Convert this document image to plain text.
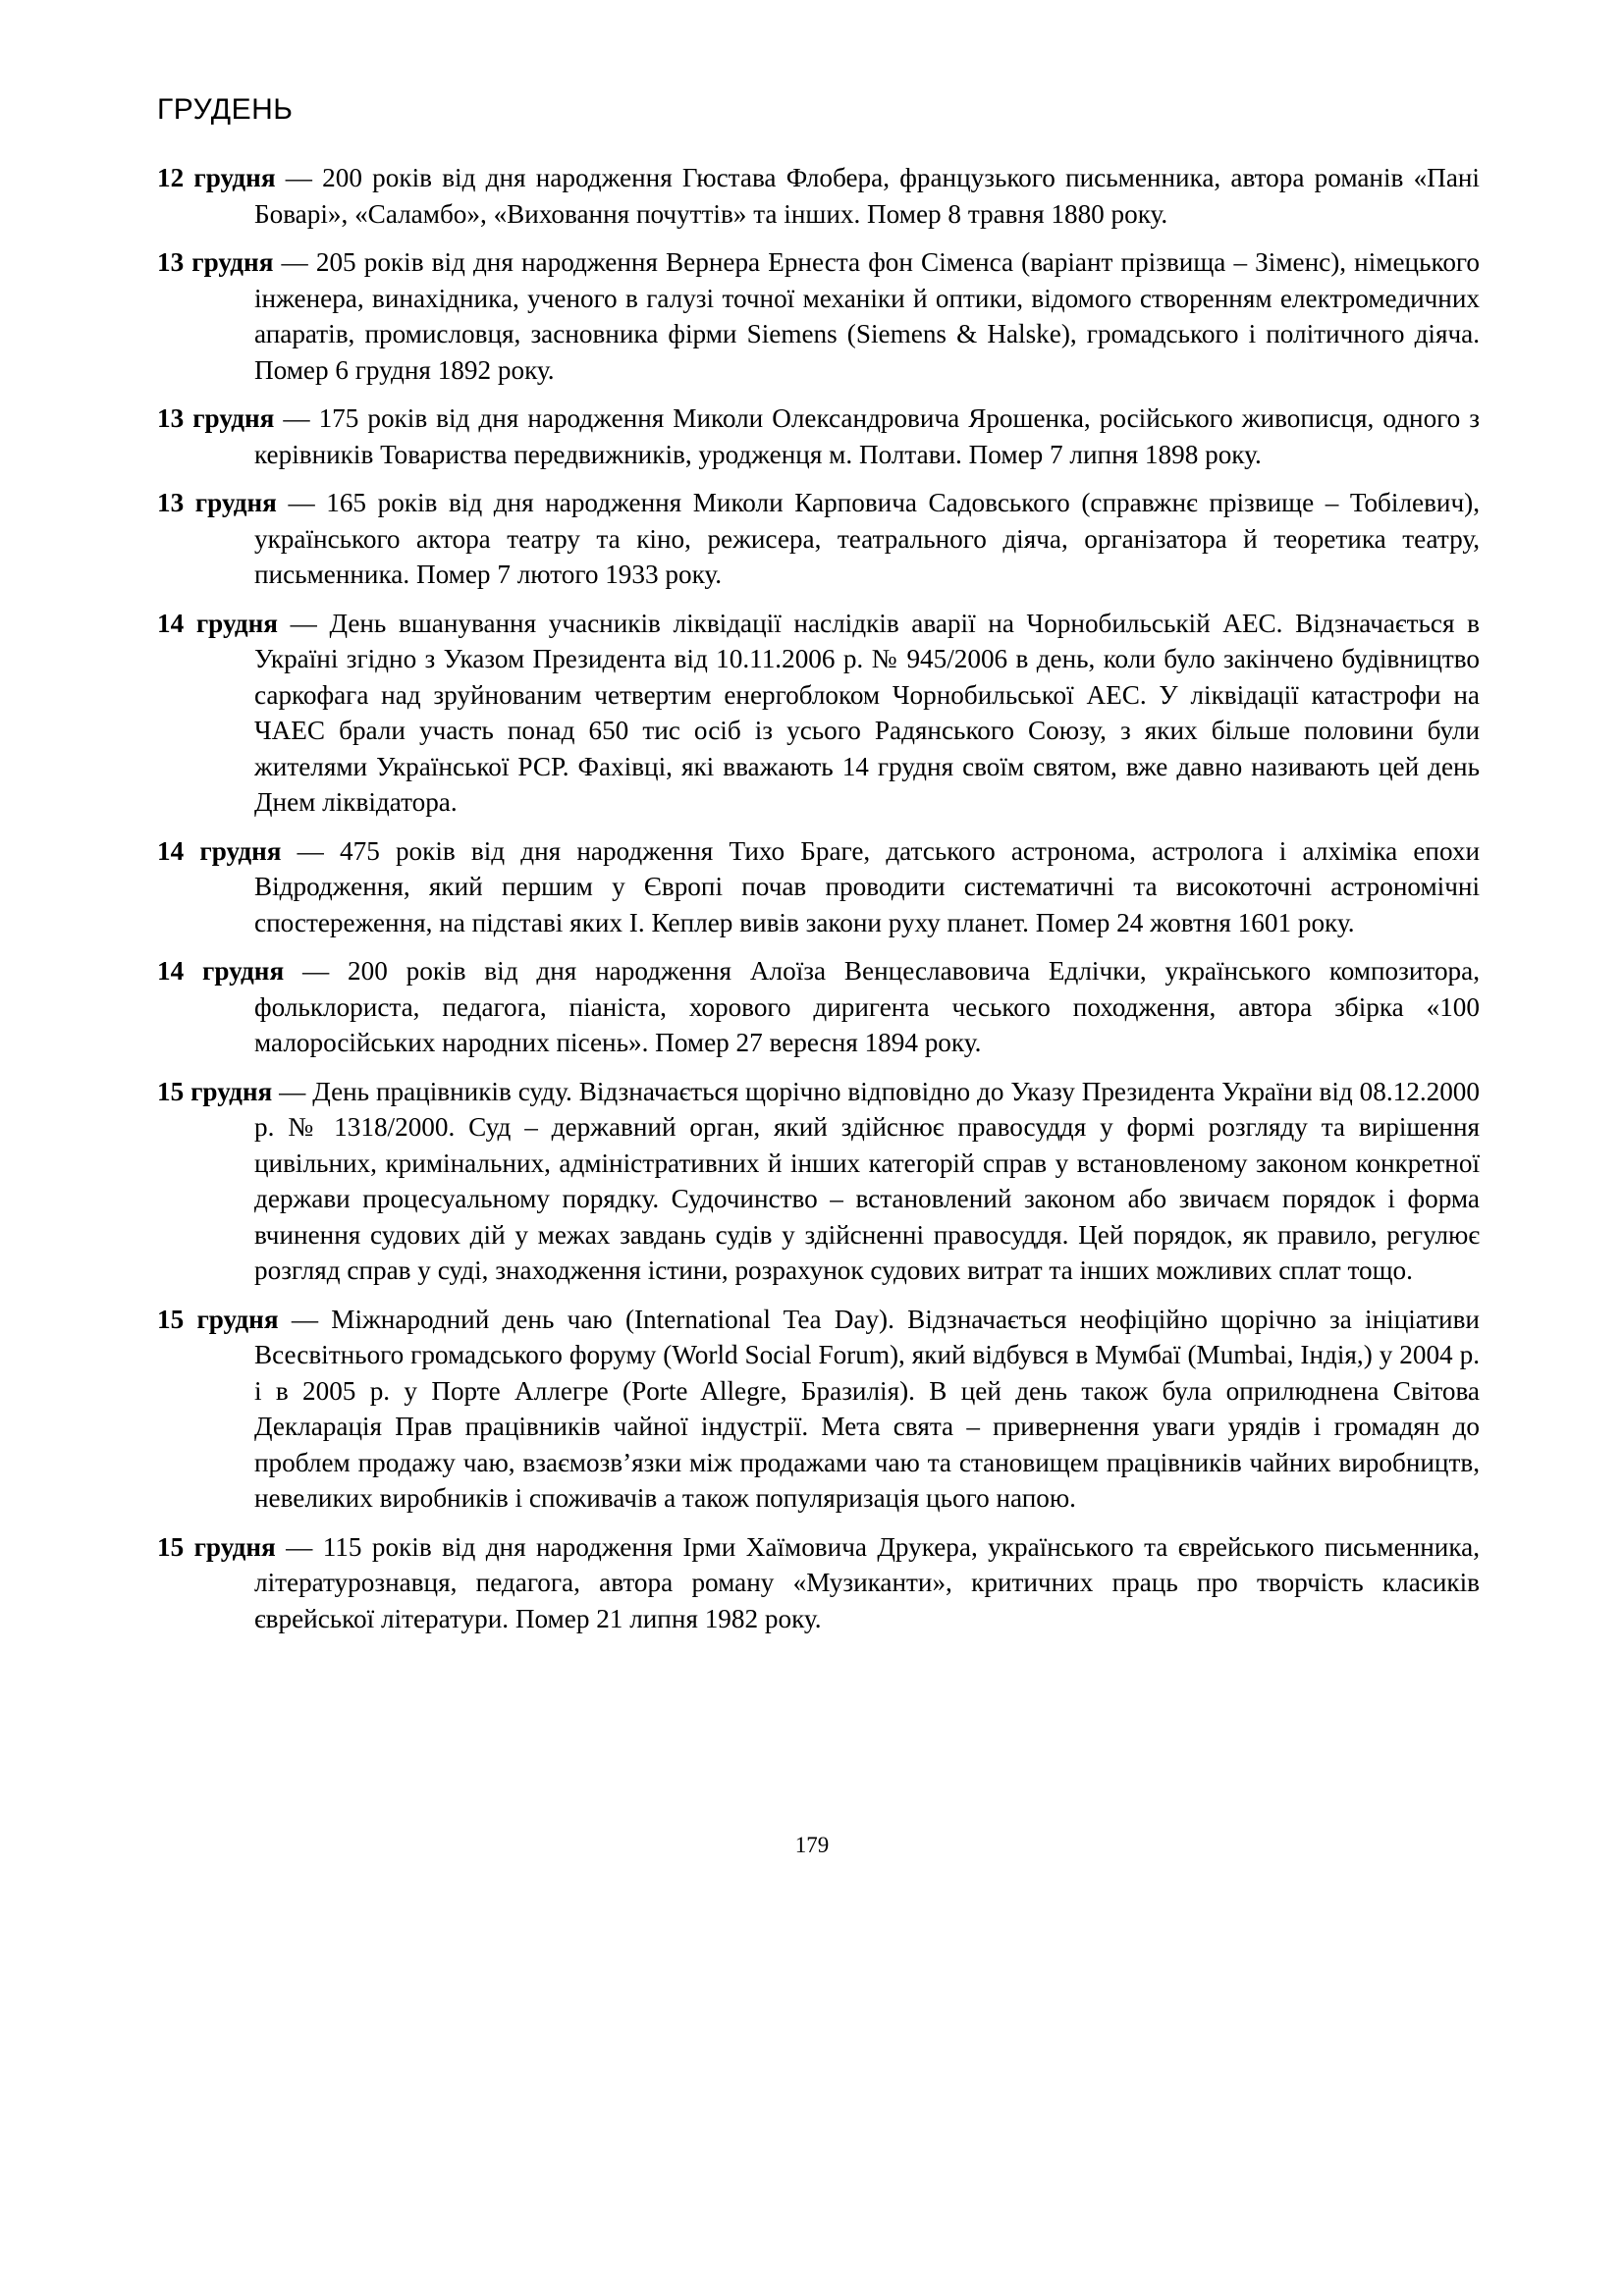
ГРУДЕНЬ
12 грудня — 200 років від дня народження Гюстава Флобера, французького письменника, автора романів «Пані Боварі», «Саламбо», «Виховання почуттів» та інших. Помер 8 травня 1880 року.
13 грудня — 205 років від дня народження Вернера Ернеста фон Сіменса (варіант прізвища – Зіменс), німецького інженера, винахідника, ученого в галузі точної механіки й оптики, відомого створенням електромедичних апаратів, промисловця, засновника фірми Siemens (Siemens & Halske), громадського і політичного діяча. Помер 6 грудня 1892 року.
13 грудня — 175 років від дня народження Миколи Олександровича Ярошенка, російського живописця, одного з керівників Товариства передвижників, уродженця м. Полтави. Помер 7 липня 1898 року.
13 грудня — 165 років від дня народження Миколи Карповича Садовського (справжнє прізвище – Тобілевич), українського актора театру та кіно, режисера, театрального діяча, організатора й теоретика театру, письменника. Помер 7 лютого 1933 року.
14 грудня — День вшанування учасників ліквідації наслідків аварії на Чорнобильській АЕС. Відзначається в Україні згідно з Указом Президента від 10.11.2006 р. № 945/2006 в день, коли було закінчено будівництво саркофага над зруйнованим четвертим енергоблоком Чорнобильської АЕС. У ліквідації катастрофи на ЧАЕС брали участь понад 650 тис осіб із усього Радянського Союзу, з яких більше половини були жителями Української РСР. Фахівці, які вважають 14 грудня своїм святом, вже давно називають цей день Днем ліквідатора.
14 грудня — 475 років від дня народження Тихо Браге, датського астронома, астролога і алхіміка епохи Відродження, який першим у Європі почав проводити систематичні та високоточні астрономічні спостереження, на підставі яких І. Кеплер вивів закони руху планет. Помер 24 жовтня 1601 року.
14 грудня — 200 років від дня народження Алоїза Венцеславовича Едлічки, українського композитора, фольклориста, педагога, піаніста, хорового диригента чеського походження, автора збірка «100 малоросійських народних пісень». Помер 27 вересня 1894 року.
15 грудня — День працівників суду. Відзначається щорічно відповідно до Указу Президента України від 08.12.2000 р. № 1318/2000. Суд – державний орган, який здійснює правосуддя у формі розгляду та вирішення цивільних, кримінальних, адміністративних й інших категорій справ у встановленому законом конкретної держави процесуальному порядку. Судочинство – встановлений законом або звичаєм порядок і форма вчинення судових дій у межах завдань судів у здійсненні правосуддя. Цей порядок, як правило, регулює розгляд справ у суді, знаходження істини, розрахунок судових витрат та інших можливих сплат тощо.
15 грудня — Міжнародний день чаю (International Tea Day). Відзначається неофіційно щорічно за ініціативи Всесвітнього громадського форуму (World Social Forum), який відбувся в Мумбаї (Mumbai, Індія,) у 2004 р. і в 2005 р. у Порте Аллегре (Porte Allegre, Бразилія). В цей день також була оприлюднена Світова Декларація Прав працівників чайної індустрії. Мета свята – привернення уваги урядів і громадян до проблем продажу чаю, взаємозв’язки між продажами чаю та становищем працівників чайних виробництв, невеликих виробників і споживачів а також популяризація цього напою.
15 грудня — 115 років від дня народження Ірми Хаїмовича Друкера, українського та єврейського письменника, літературознавця, педагога, автора роману «Музиканти», критичних праць про творчість класиків єврейської літератури. Помер 21 липня 1982 року.
179
